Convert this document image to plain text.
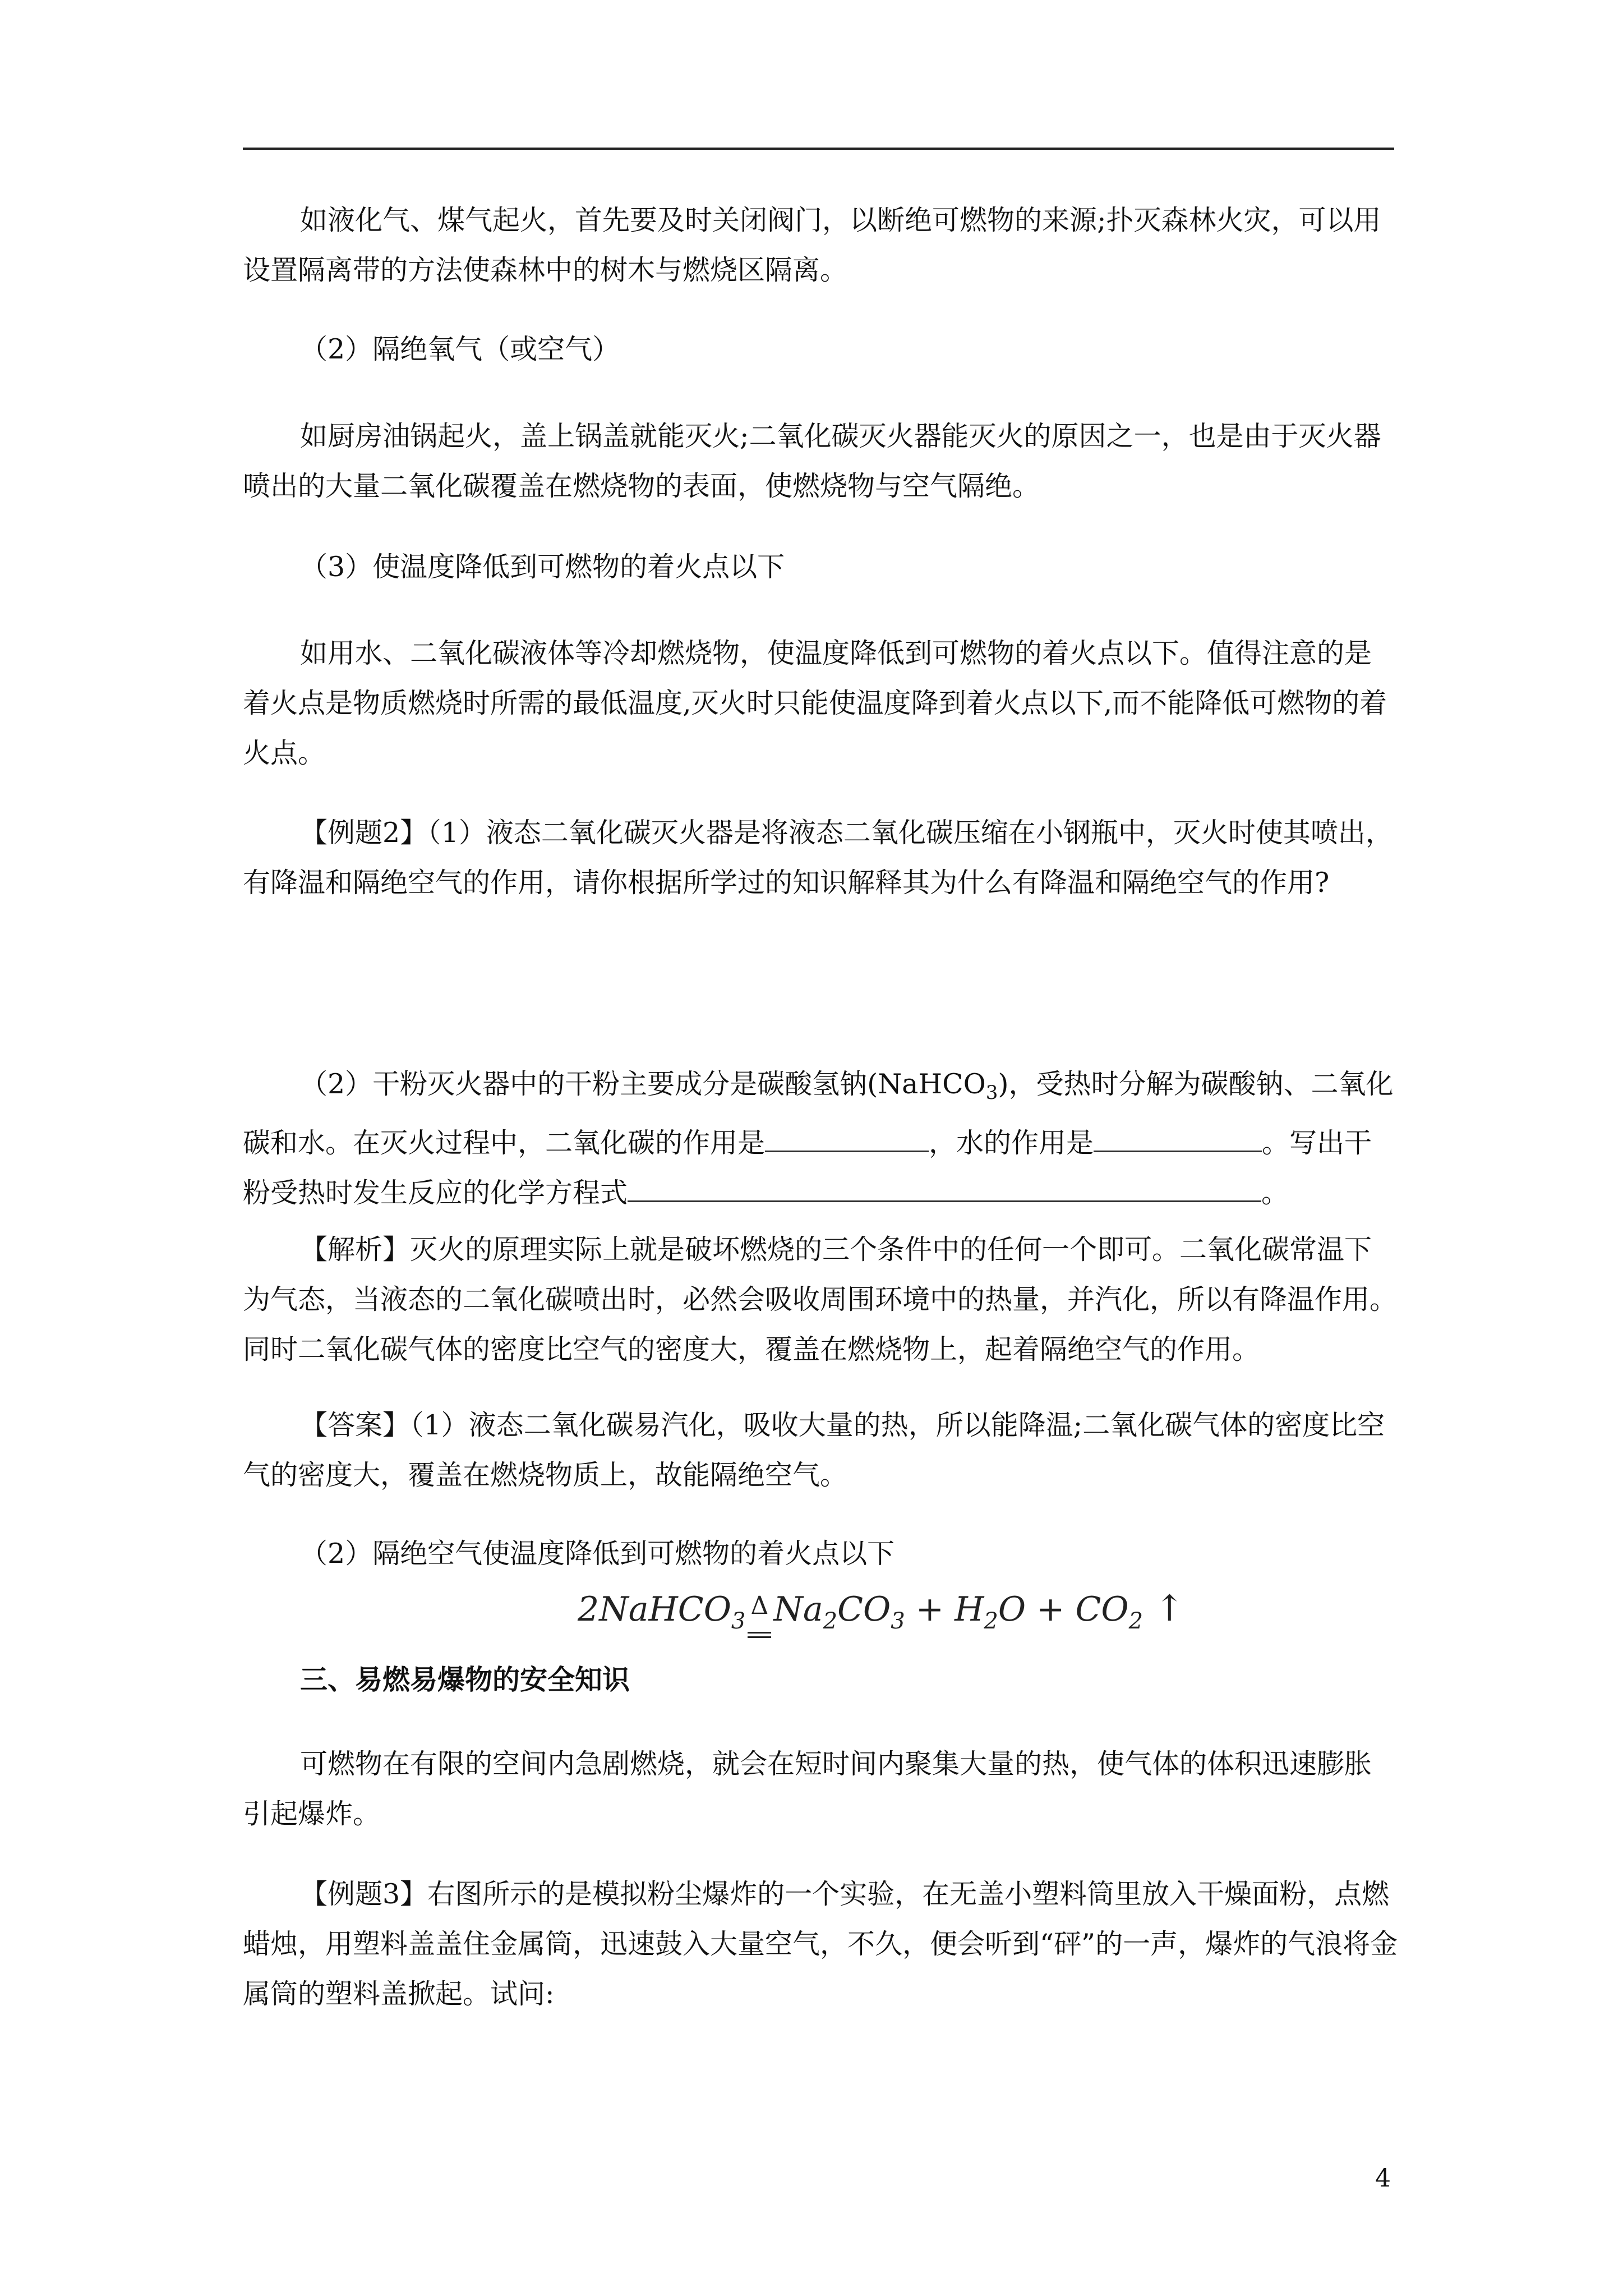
如液化气、煤气起火，首先要及时关闭阀门，以断绝可燃物的来源;扑灭森林火灾，可以用设置隔离带的方法使森林中的树木与燃烧区隔离。

（2）隔绝氧气（或空气）

如厨房油锅起火，盖上锅盖就能灭火;二氧化碳灭火器能灭火的原因之一，也是由于灭火器喷出的大量二氧化碳覆盖在燃烧物的表面，使燃烧物与空气隔绝。

（3）使温度降低到可燃物的着火点以下

如用水、二氧化碳液体等冷却燃烧物，使温度降低到可燃物的着火点以下。值得注意的是着火点是物质燃烧时所需的最低温度,灭火时只能使温度降到着火点以下,而不能降低可燃物的着火点。

【例题2】（1）液态二氧化碳灭火器是将液态二氧化碳压缩在小钢瓶中，灭火时使其喷出，有降温和隔绝空气的作用，请你根据所学过的知识解释其为什么有降温和隔绝空气的作用?

（2）干粉灭火器中的干粉主要成分是碳酸氢钠(NaHCO$_3$)，受热时分解为碳酸钠、二氧化碳和水。在灭火过程中，二氧化碳的作用是	，水的作用是	。写出干粉受热时发生反应的化学方程式	。

【解析】灭火的原理实际上就是破坏燃烧的三个条件中的任何一个即可。二氧化碳常温下为气态，当液态的二氧化碳喷出时，必然会吸收周围环境中的热量，并汽化，所以有降温作用。同时二氧化碳气体的密度比空气的密度大，覆盖在燃烧物上，起着隔绝空气的作用。

【答案】（1）液态二氧化碳易汽化，吸收大量的热，所以能降温;二氧化碳气体的密度比空气的密度大，覆盖在燃烧物质上，故能隔绝空气。

（2）隔绝空气使温度降低到可燃物的着火点以下

2NaHCO$_3$Δ $Na_2CO_3 + H_2O + CO_2$ ↑

三、易燃易爆物的安全知识

可燃物在有限的空间内急剧燃烧，就会在短时间内聚集大量的热，使气体的体积迅速膨胀引起爆炸。

【例题3】右图所示的是模拟粉尘爆炸的一个实验，在无盖小塑料筒里放入干燥面粉，点燃蜡烛，用塑料盖盖住金属筒，迅速鼓入大量空气，不久，便会听到“砰”的一声，爆炸的气浪将金属筒的塑料盖掀起。试问:

4
